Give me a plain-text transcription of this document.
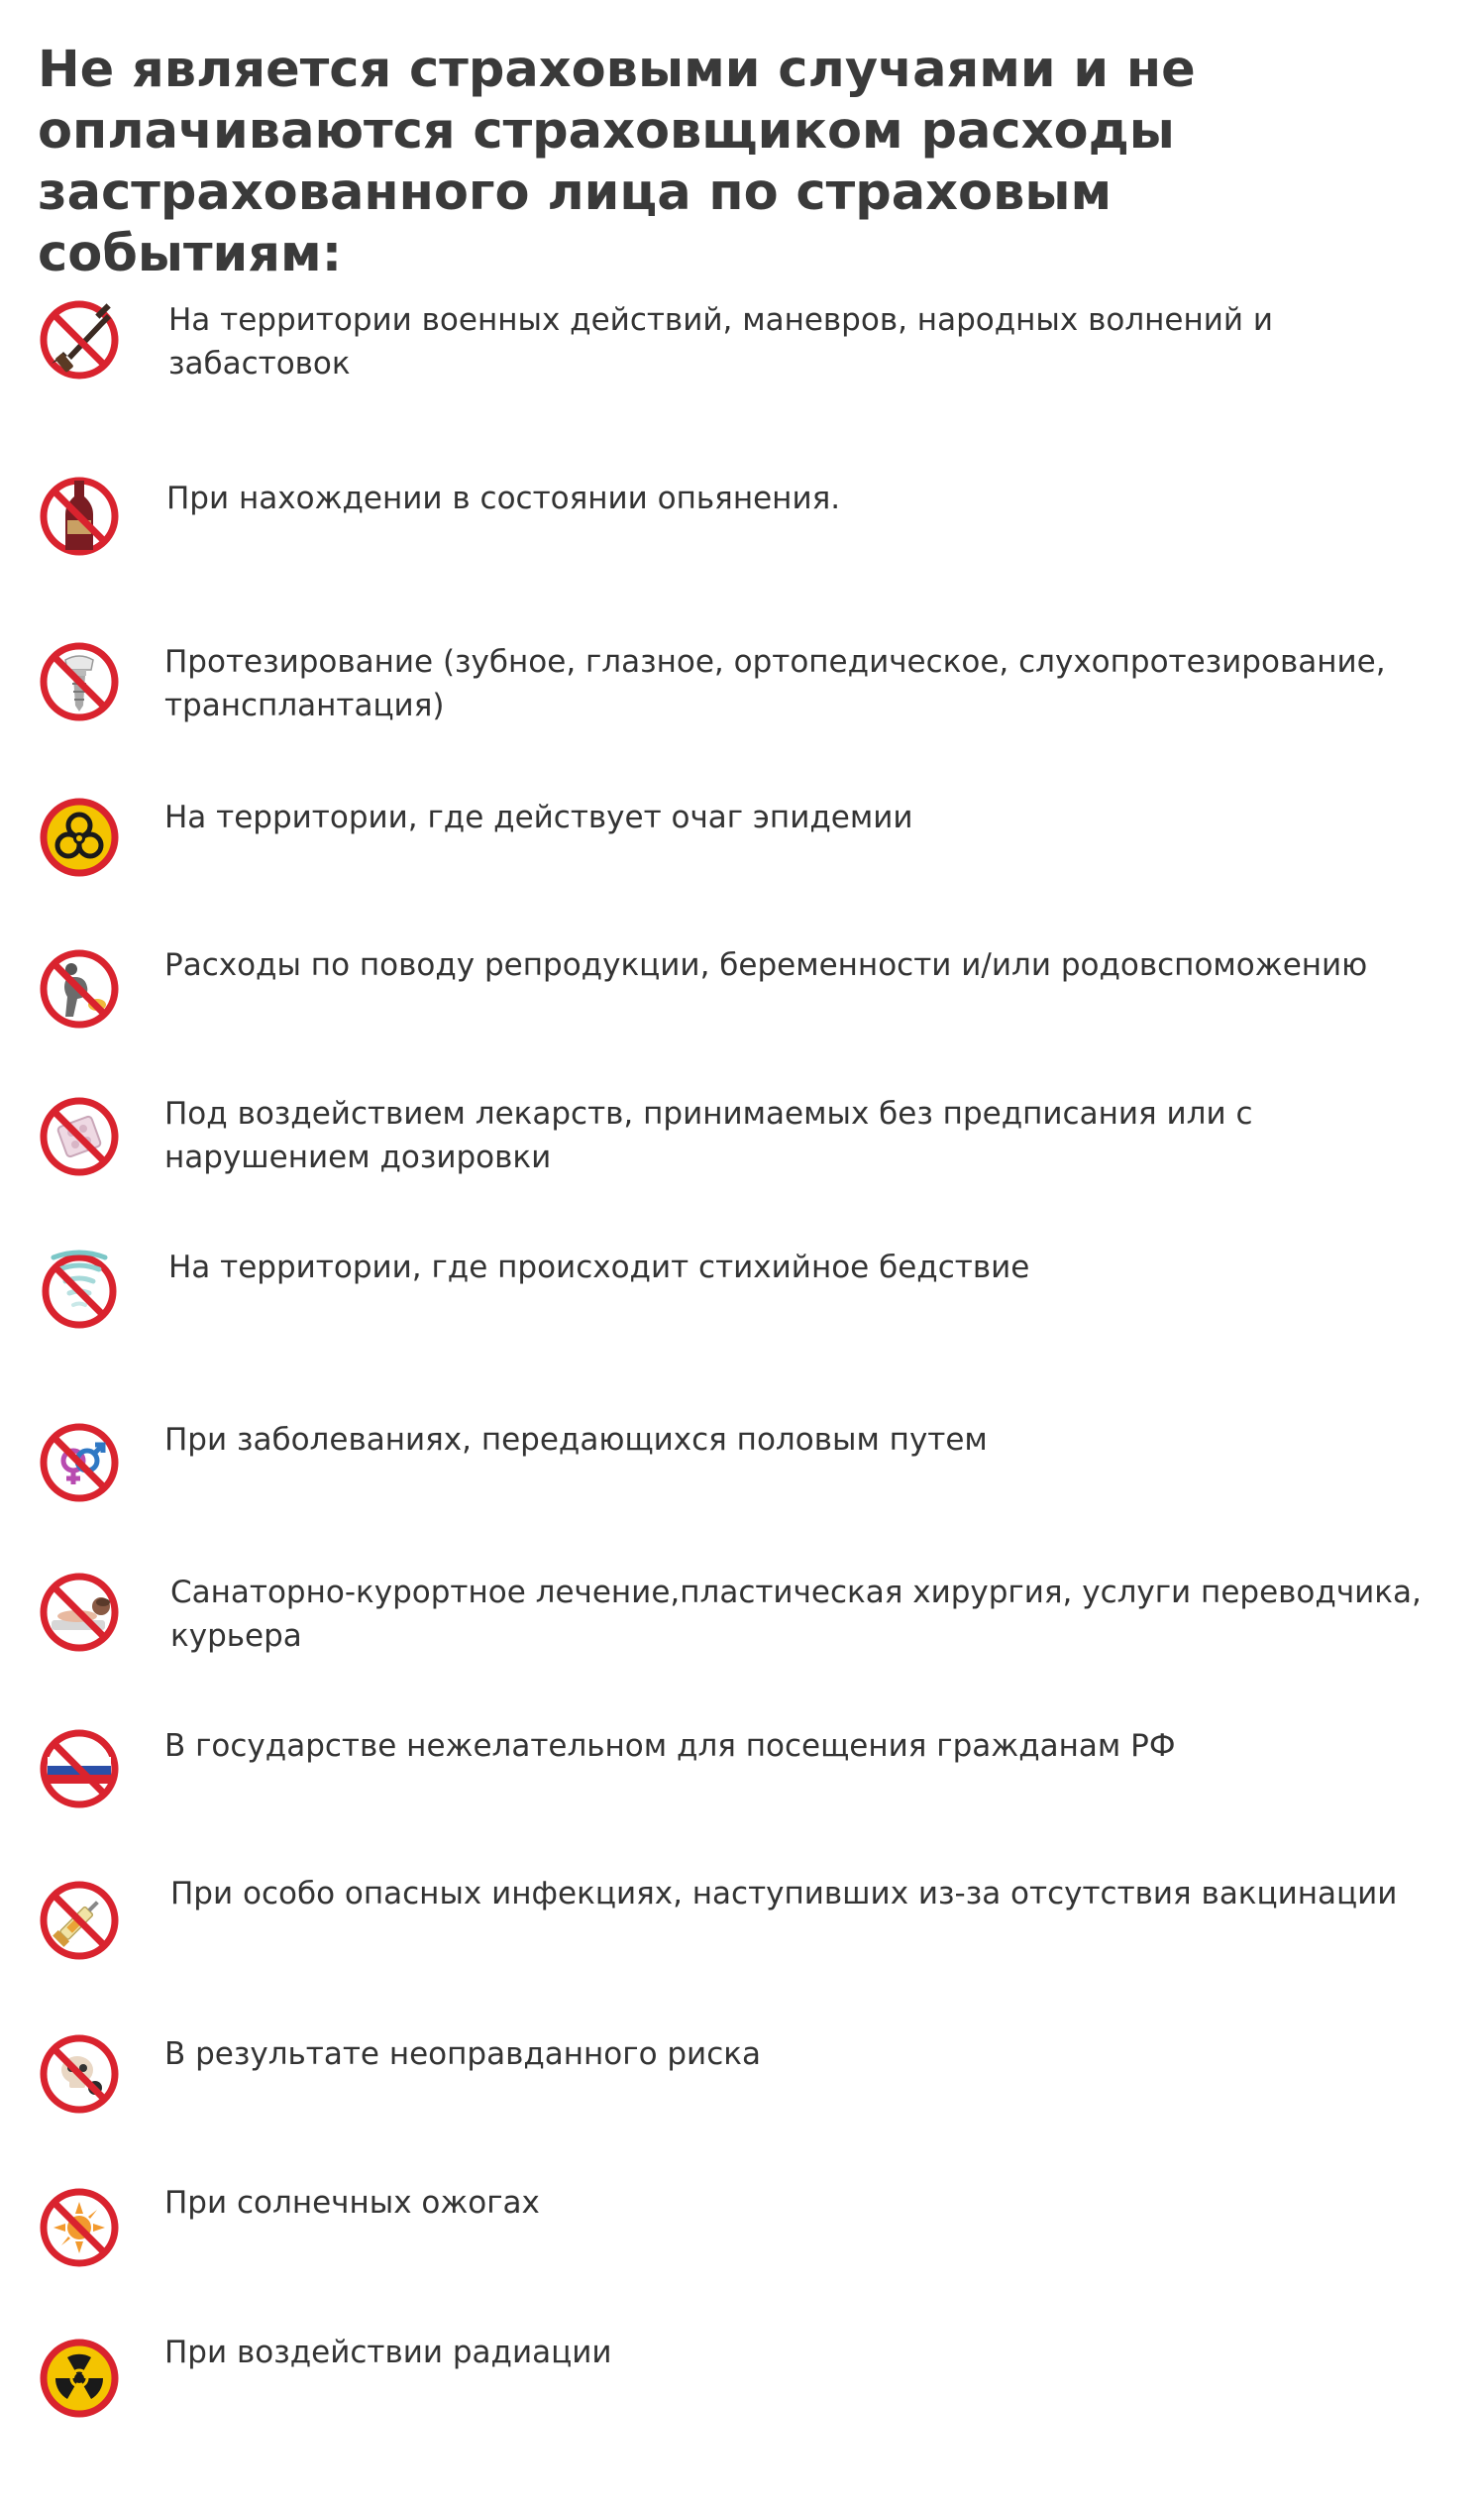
Не является страховыми случаями и не оплачиваются страховщиком расходы застрахованного лица по страховым событиям:
На территории военных действий, маневров, народных волнений и забастовок
При нахождении в состоянии опьянения.
Протезирование (зубное, глазное, ортопедическое, слухопротезирование, трансплантация)
На территории, где действует очаг эпидемии
Расходы по поводу репродукции, беременности и/или родовспоможению
Под воздействием лекарств, принимаемых без предписания или с нарушением дозировки
На территории, где происходит стихийное бедствие
При заболеваниях, передающихся половым путем
Санаторно-курортное лечение,пластическая хирургия, услуги переводчика, курьера
В государстве нежелательном для посещения гражданам РФ
При особо опасных инфекциях, наступивших из-за отсутствия вакцинации
В результате неоправданного риска
При солнечных ожогах
При воздействии радиации
